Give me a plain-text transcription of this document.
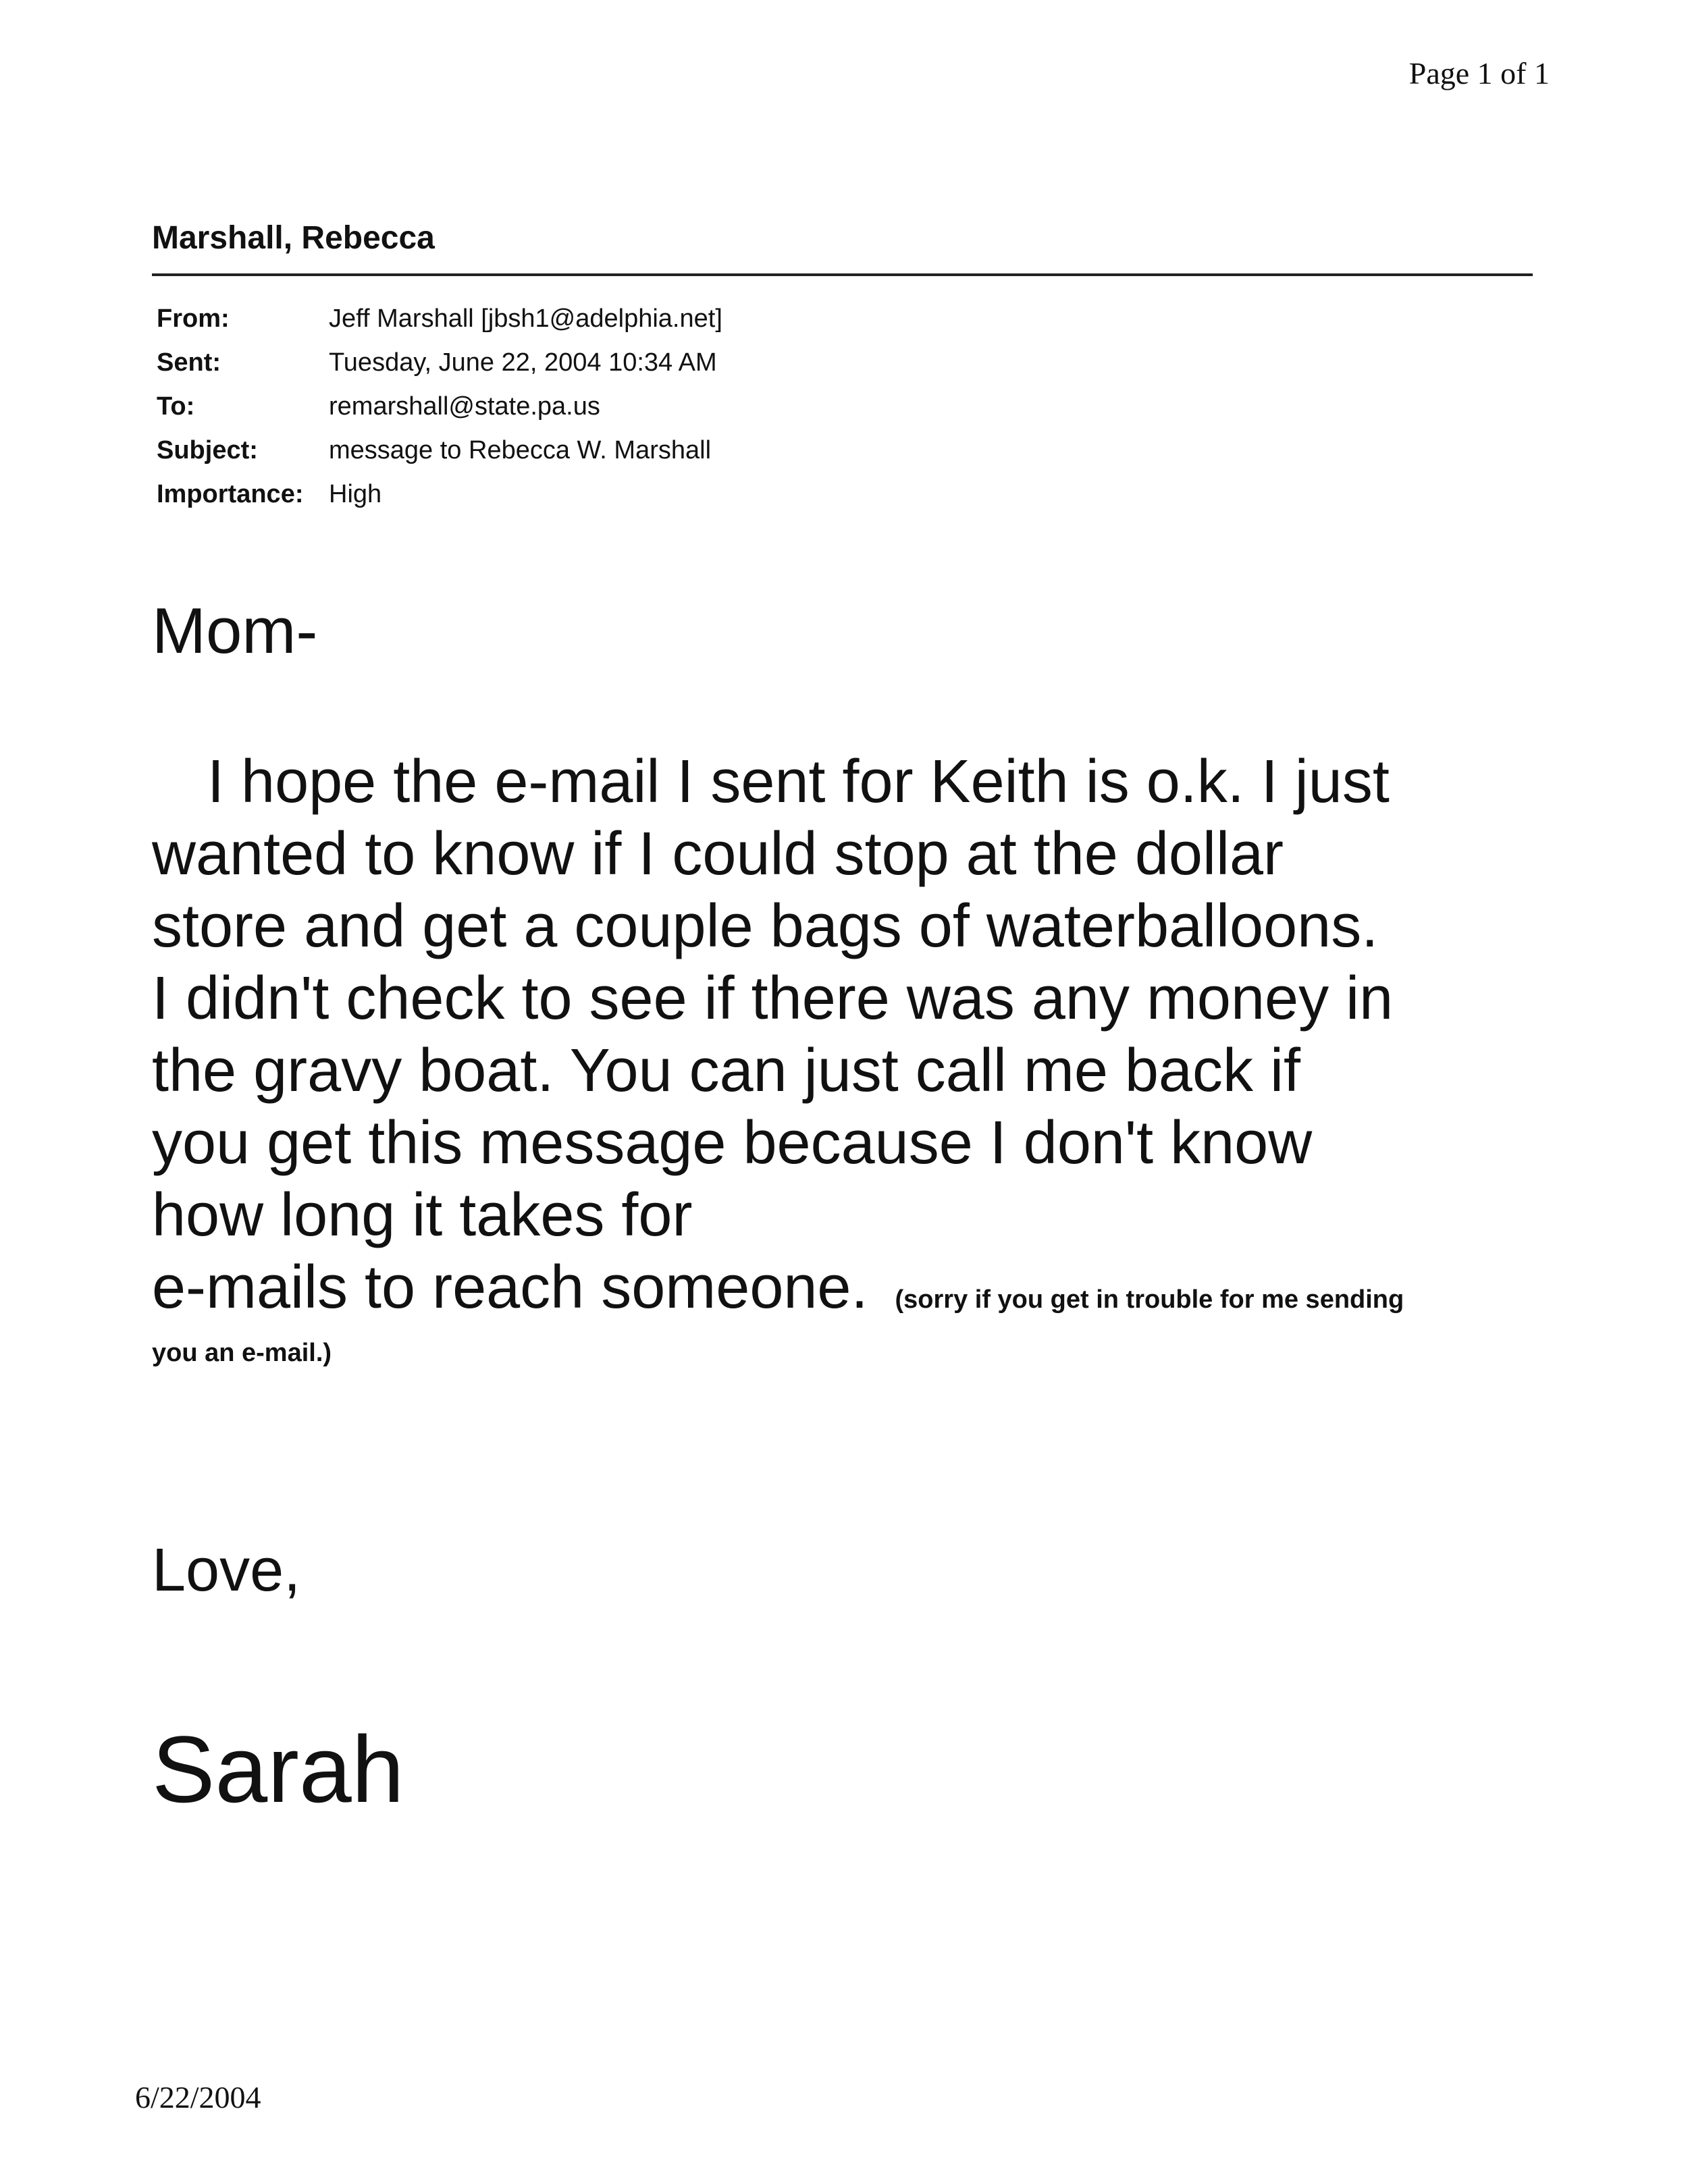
Page 1 of 1
Marshall, Rebecca
From:	Jeff Marshall [jbsh1@adelphia.net]
Sent:	Tuesday, June 22, 2004 10:34 AM
To:	remarshall@state.pa.us
Subject:	message to Rebecca W. Marshall
Importance: High
Mom-
I hope the e-mail I sent for Keith is o.k. I just
wanted to know if I could stop at the dollar
store and get a couple bags of waterballoons.
I didn't check to see if there was any money in
the gravy boat. You can just call me back if
you get this message because I don't know
how long it takes for
e-mails to reach someone. (sorry if you get in trouble for me sending
you an e-mail.)
Love,
Sarah
6/22/2004
